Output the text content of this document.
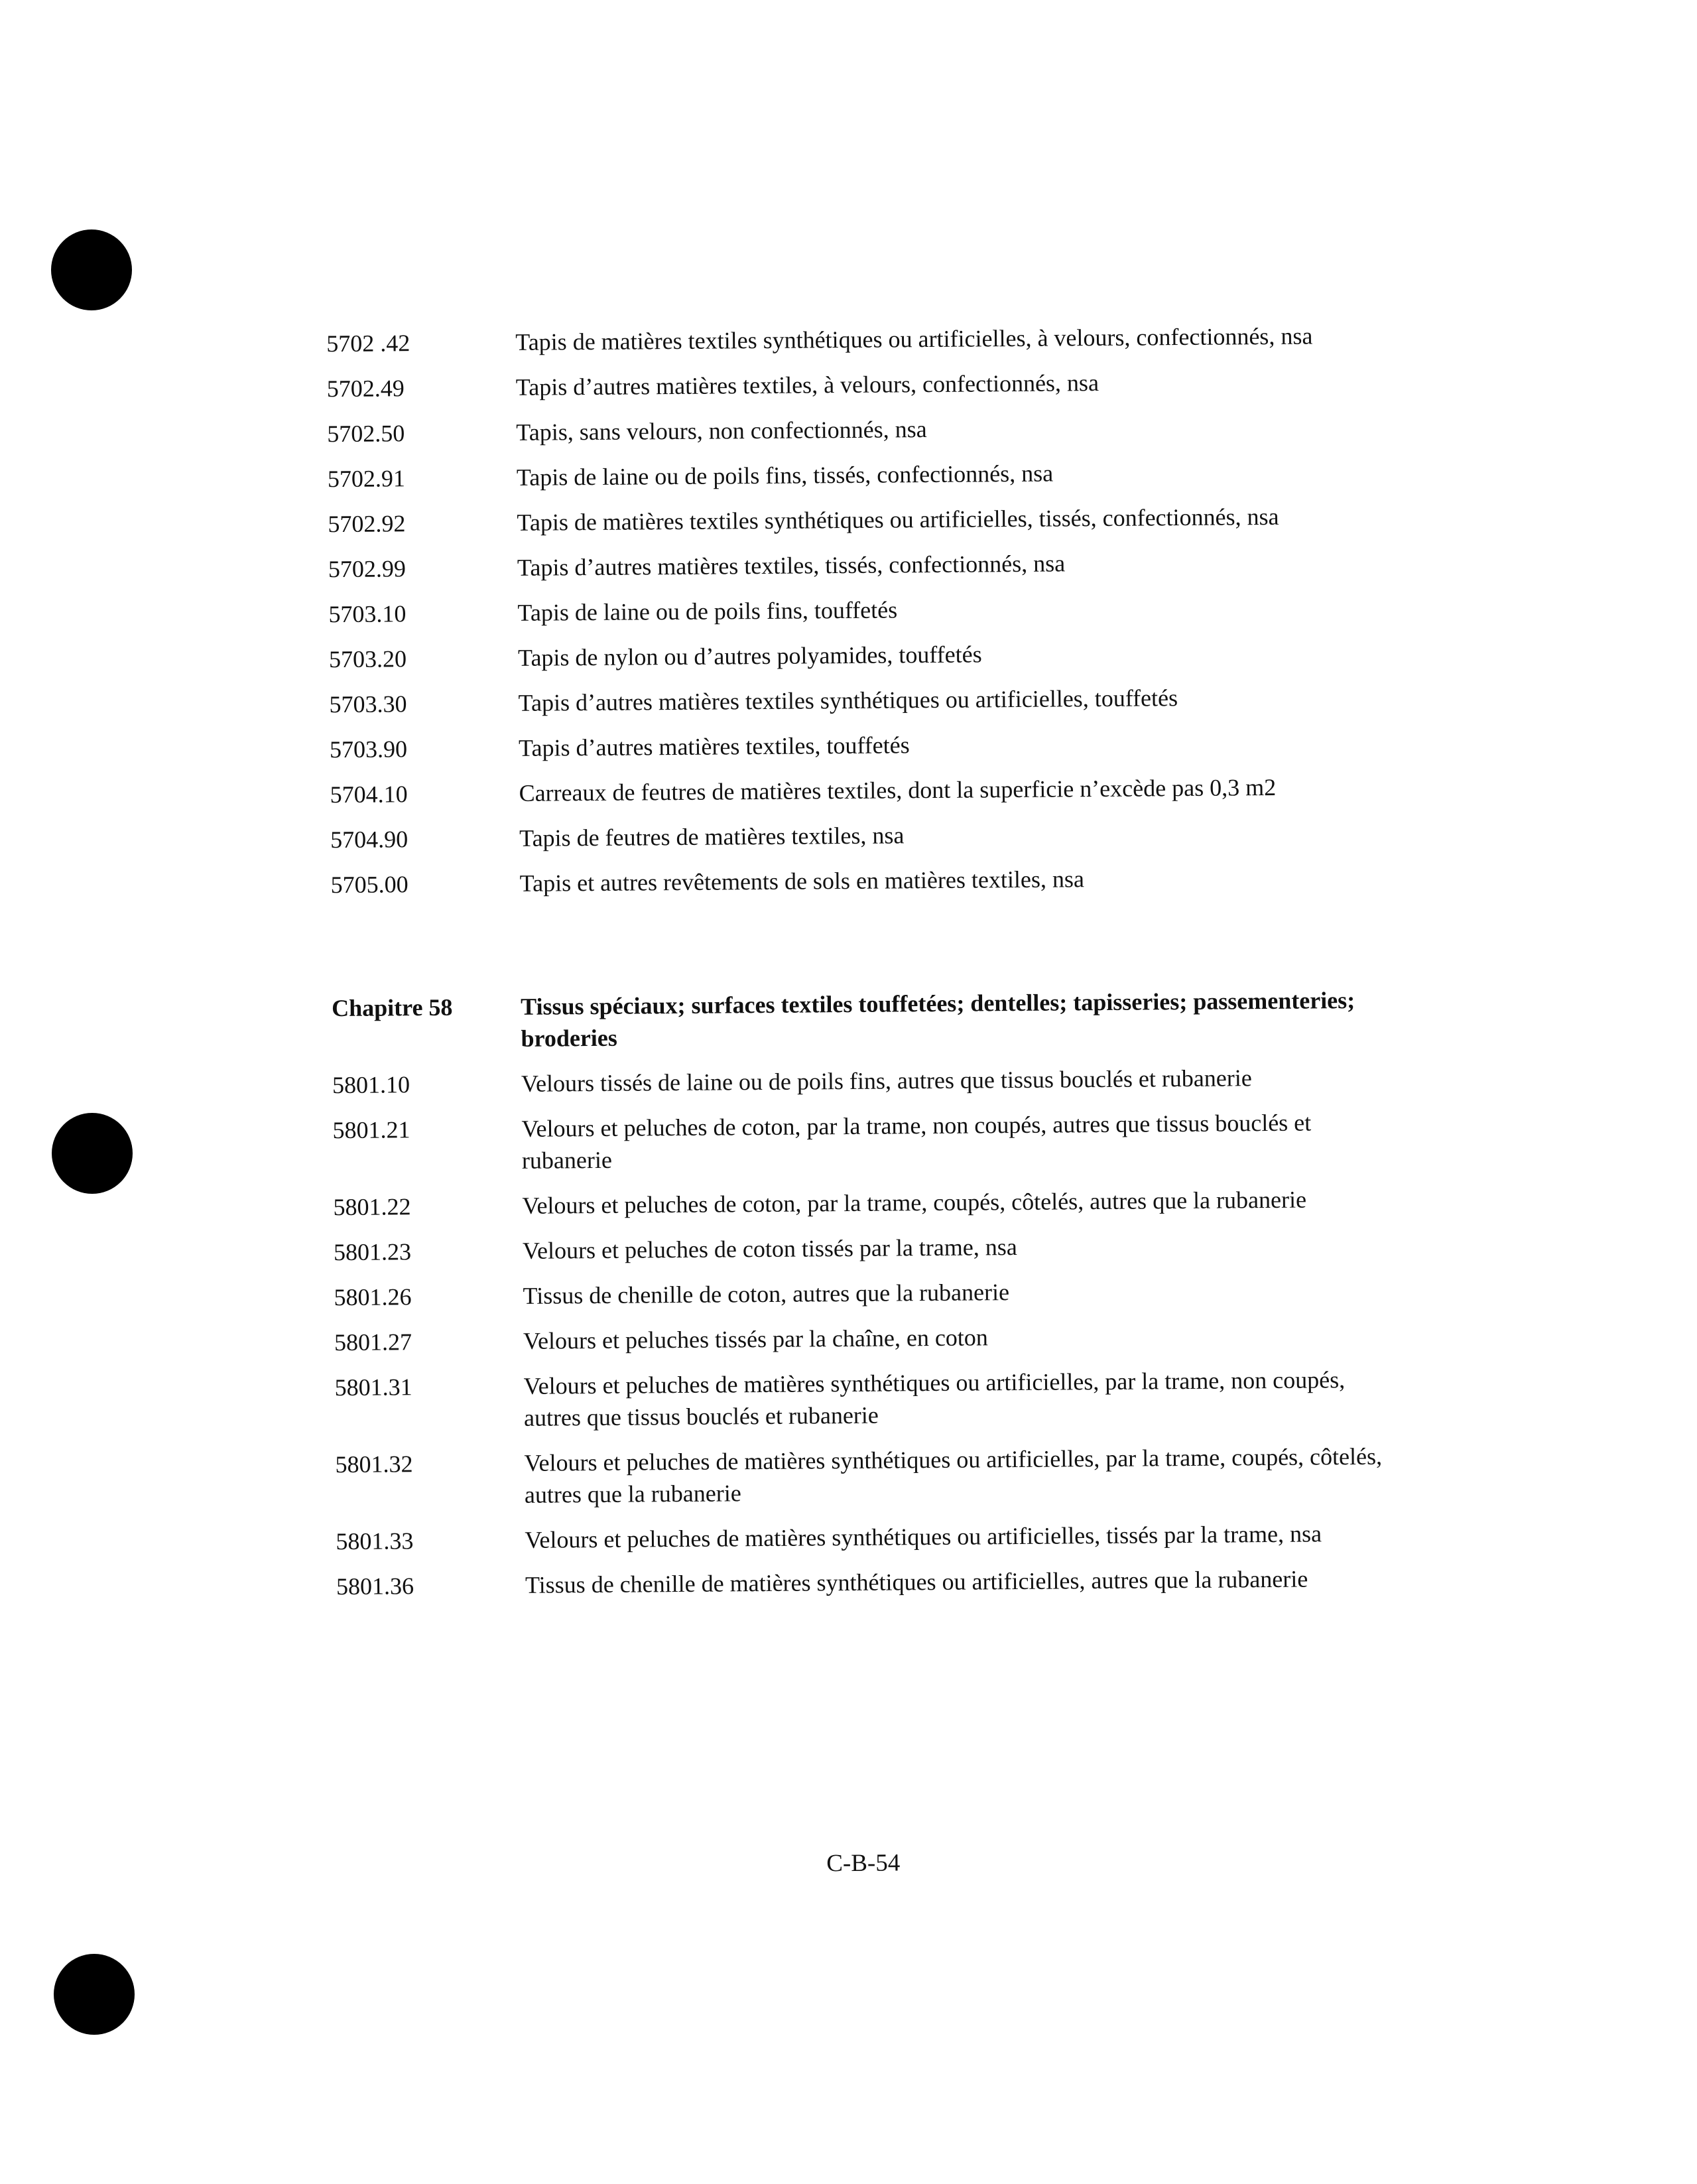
5702 .42	Tapis de matières textiles synthétiques ou artificielles, à velours, confectionnés, nsa
5702.49	Tapis d’autres matières textiles, à velours, confectionnés, nsa
5702.50	Tapis, sans velours, non confectionnés, nsa
5702.91	Tapis de laine ou de poils fins, tissés, confectionnés, nsa
5702.92	Tapis de matières textiles synthétiques ou artificielles, tissés, confectionnés, nsa
5702.99	Tapis d’autres matières textiles, tissés, confectionnés, nsa
5703.10	Tapis de laine ou de poils fins, touffetés
5703.20	Tapis de nylon ou d’autres polyamides, touffetés
5703.30	Tapis d’autres matières textiles synthétiques ou artificielles, touffetés
5703.90	Tapis d’autres matières textiles, touffetés
5704.10	Carreaux de feutres de matières textiles, dont la superficie n’excède pas 0,3 m2
5704.90	Tapis de feutres de matières textiles, nsa
5705.00	Tapis et autres revêtements de sols en matières textiles, nsa
Chapitre 58	Tissus spéciaux; surfaces textiles touffetées; dentelles; tapisseries; passementeries; broderies
5801.10	Velours tissés de laine ou de poils fins, autres que tissus bouclés et rubanerie
5801.21	Velours et peluches de coton, par la trame, non coupés, autres que tissus bouclés et rubanerie
5801.22	Velours et peluches de coton, par la trame, coupés, côtelés, autres que la rubanerie
5801.23	Velours et peluches de coton tissés par la trame, nsa
5801.26	Tissus de chenille de coton, autres que la rubanerie
5801.27	Velours et peluches tissés par la chaîne, en coton
5801.31	Velours et peluches de matières synthétiques ou artificielles, par la trame, non coupés, autres que tissus bouclés et rubanerie
5801.32	Velours et peluches de matières synthétiques ou artificielles, par la trame, coupés, côtelés, autres que la rubanerie
5801.33	Velours et peluches de matières synthétiques ou artificielles, tissés par la trame, nsa
5801.36	Tissus de chenille de matières synthétiques ou artificielles, autres que la rubanerie
C-B-54
